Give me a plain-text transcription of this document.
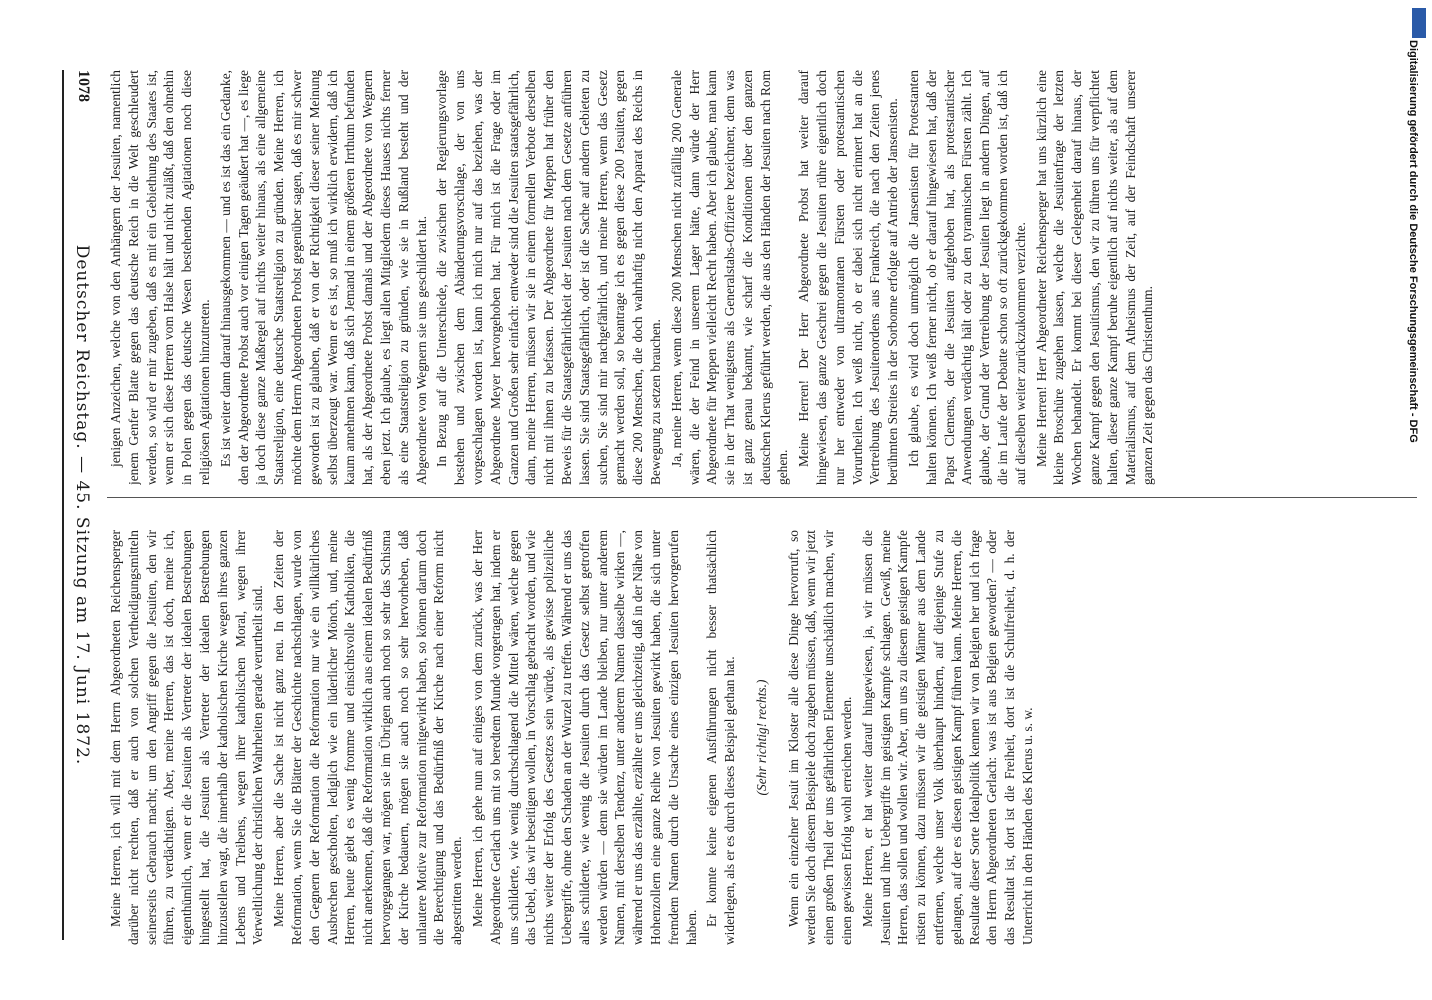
1078
Deutscher Reichstag. — 45. Sitzung am 17. Juni 1872. jenigen Anzeichen, welche von den Anhängern der Jesuiten, namentlich jenem Genfer Blatte gegen das deutsche Reich in die Welt geschleudert werden, so wird er mir zugeben, daß es mit ein Gebiethung des Staates ist, wenn er sich diese Herren vom Halse hält und nicht zuläßt, daß den ohnehin in Polen gegen das deutsche Wesen bestehenden Agitationen noch diese religiösen Agitationen hinzutreten. Es ist weiter dann darauf hinausgekommen — und es ist das ein Gedanke, den der Abgeordnete Probst auch vor einigen Tagen geäußert hat —, es liege ja doch diese ganze Maßregel auf nichts weiter hinaus, als eine allgemeine Staatsreligion, eine deutsche Staatsreligion zu gründen. Meine Herren, ich möchte dem Herrn Abgeordneten Probst gegenüber sagen, daß es mir schwer geworden ist zu glauben, daß er von der Richtigkeit dieser seiner Meinung selbst überzeugt war. Wenn er es ist, so muß ich wirklich erwidern, daß ich kaum annehmen kann, daß sich Jemand in einem größeren Irrthum befunden hat, als der Abgeordnete Probst damals und der Abgeordnete von Wegnern eben jetzt. Ich glaube, es liegt allen Mitgliedern dieses Hauses nichts ferner als eine Staatsreligion zu gründen, wie sie in Rußland besteht und der Abgeordnete von Wegnern sie uns geschildert hat. In Bezug auf die Unterschiede, die zwischen der Regierungsvorlage bestehen und zwischen dem Abänderungsvorschlage, der von uns vorgeschlagen worden ist, kann ich mich nur auf das beziehen, was der Abgeordnete Meyer hervorgehoben hat. Für mich ist die Frage oder im Ganzen und Großen sehr einfach: entweder sind die Jesuiten staatsgefährlich, dann, meine Herren, müssen wir sie in einem formellen Verbote derselben nicht mit ihnen zu befassen. Der Abgeordnete für Meppen hat früher den Beweis für die Staatsgefährlichkeit der Jesuiten nach dem Gesetze anführen lassen. Sie sind Staatsgefährlich, oder ist die Sache auf andern Gebieten zu suchen, Sie sind mir nachgefährlich, und meine Herren, wenn das Gesetz gemacht werden soll, so beantrage ich es gegen diese 200 Jesuiten, gegen diese 200 Menschen, die doch wahrhaftig nicht den Apparat des Reichs in Bewegung zu setzen brauchen. Ja, meine Herren, wenn diese 200 Menschen nicht zufällig 200 Generale wären, die der Feind in unserem Lager hätte, dann würde der Herr Abgeordnete für Meppen vielleicht Recht haben. Aber ich glaube, man kann sie in der That wenigstens als Generalstabs-Offiziere bezeichnen; denn was ist ganz genau bekannt, wie scharf die Konditionen über den ganzen deutschen Klerus geführt werden, die aus den Händen der Jesuiten nach Rom gehen.

Meine Herren! Der Herr Abgeordnete Probst hat weiter darauf hingewiesen, das ganze Geschrei gegen die Jesuiten rühre eigentlich doch nur her entweder von ultramontanen Fürsten oder protestantischen Vorurtheilen. Ich weiß nicht, ob er dabei sich nicht erinnert hat an die Vertreibung des Jesuitenordens aus Frankreich, die nach den Zeiten jenes berühmten Streites in der Sorbonne erfolgte auf Antrieb der Jansenisten. Ich glaube, es wird doch unmöglich die Jansenisten für Protestanten halten können. Ich weiß ferner nicht, ob er darauf hingewiesen hat, daß der Papst Clemens, der die Jesuiten aufgehoben hat, als protestantischer Anwendungen verdächtig hält oder zu den tyrannischen Fürsten zählt. Ich glaube, der Grund der Vertreibung der Jesuiten liegt in andern Dingen, auf die im Laufe der Debatte schon so oft zurückgekommen worden ist, daß ich auf dieselben weiter zurückzukommen verzichte. Meine Herren! Herr Abgeordneter Reichensperger hat uns kürzlich eine kleine Broschüre zugehen lassen, welche die Jesuitenfrage der letzten Wochen behandelt. Er kommt bei dieser Gelegenheit darauf hinaus, der ganze Kampf gegen den Jesuitismus, den wir zu führen uns für verpflichtet halten, dieser ganze Kampf beruhe eigentlich auf nichts weiter, als auf dem Materialismus, auf dem Atheismus der Zeit, auf der Feindschaft unserer ganzen Zeit gegen das Christenthum.

Meine Herren, ich will mit dem Herrn Abgeordneten Reichensperger darüber nicht rechten, daß er auch von solchen Vertheidigungsmitteln seinerseits Gebrauch macht; um den Angriff gegen die Jesuiten, den wir führen, zu verdächtigen. Aber, meine Herren, das ist doch, meine ich, eigenthümlich, wenn er die Jesuiten als Vertreter der idealen Bestrebungen hingestellt hat, die Jesuiten als Vertreter der idealen Bestrebungen hinzustellen wagt, die innerhalb der katholischen Kirche wegen ihres ganzen Lebens und Treibens, wegen ihrer katholischen Moral, wegen ihrer Verweltlichung der christlichen Wahrheiten gerade verurtheilt sind. Meine Herren, aber die Sache ist nicht ganz neu. In den Zeiten der Reformation, wenn Sie die Blätter der Geschichte nachschlagen, wurde von den Gegnern der Reformation die Reformation nur wie ein willkürliches Ausbrechen gescholten, lediglich wie ein lüderlicher Mönch, und, meine Herren, heute giebt es wenig fromme und einsichtsvolle Katholiken, die nicht anerkennen, daß die Reformation wirklich aus einem idealen Bedürfniß hervorgegangen war, mögen sie im Übrigen auch noch so sehr das Schisma der Kirche bedauern, mögen sie auch noch so sehr hervorheben, daß unlautere Motive zur Reformation mitgewirkt haben, so können darum doch die Berechtigung und das Bedürfniß der Kirche nach einer Reform nicht abgestritten werden. Meine Herren, ich gehe nun auf einiges von dem zurück, was der Herr Abgeordnete Gerlach uns mit so beredtem Munde vorgetragen hat, indem er uns schilderte, wie wenig durchschlagend die Mittel wären, welche gegen das Uebel, das wir beseitigen wollen, in Vorschlag gebracht worden, und wie nichts weiter der Erfolg des Gesetzes sein würde, als gewisse polizeiliche Uebergriffe, ohne den Schaden an der Wurzel zu treffen. Während er uns das alles schilderte, wie wenig die Jesuiten durch das Gesetz selbst getroffen werden würden — denn sie würden im Lande bleiben, nur unter anderem Namen, mit derselben Tendenz, unter anderem Namen dasselbe wirken —, während er uns das erzählte, erzählte er uns gleichzeitig, daß in der Nähe von Hohenzollern eine ganze Reihe von Jesuiten gewirkt haben, die sich unter fremdem Namen durch die Ursache eines einzigen Jesuiten hervorgerufen haben.

Er konnte keine eigenen Ausführungen nicht besser thatsächlich widerlegen, als er es durch dieses Beispiel gethan hat. (Sehr richtig! rechts.) Wenn ein einzelner Jesuit im Kloster alle diese Dinge hervorruft, so werden Sie doch diesem Beispiele doch zugeben müssen, daß, wenn wir jetzt einen großen Theil der uns gefährlichen Elemente unschädlich machen, wir einen gewissen Erfolg wohl erreichen werden. Meine Herren, er hat weiter darauf hingewiesen, ja, wir müssen die Jesuiten und ihre Uebergriffe im geistigen Kampfe schlagen. Gewiß, meine Herren, das sollen und wollen wir. Aber, um uns zu diesem geistigen Kampfe rüsten zu können, dazu müssen wir die geistigen Männer aus dem Lande entfernen, welche unser Volk überhaupt hindern, auf diejenige Stufe zu gelangen, auf der es diesen geistigen Kampf führen kann. Meine Herren, die Resultate dieser Sorte Idealpolitik kennen wir von Belgien her und ich frage den Herrn Abgeordneten Gerlach: was ist aus Belgien geworden? — oder das Resultat ist, dort ist die Freiheit, dort ist die Schulfreiheit, d. h. der Unterricht in den Händen des Klerus u. s. w.

Digitalisierung gefördert durch die Deutsche Forschungsgemeinschaft - DFG
